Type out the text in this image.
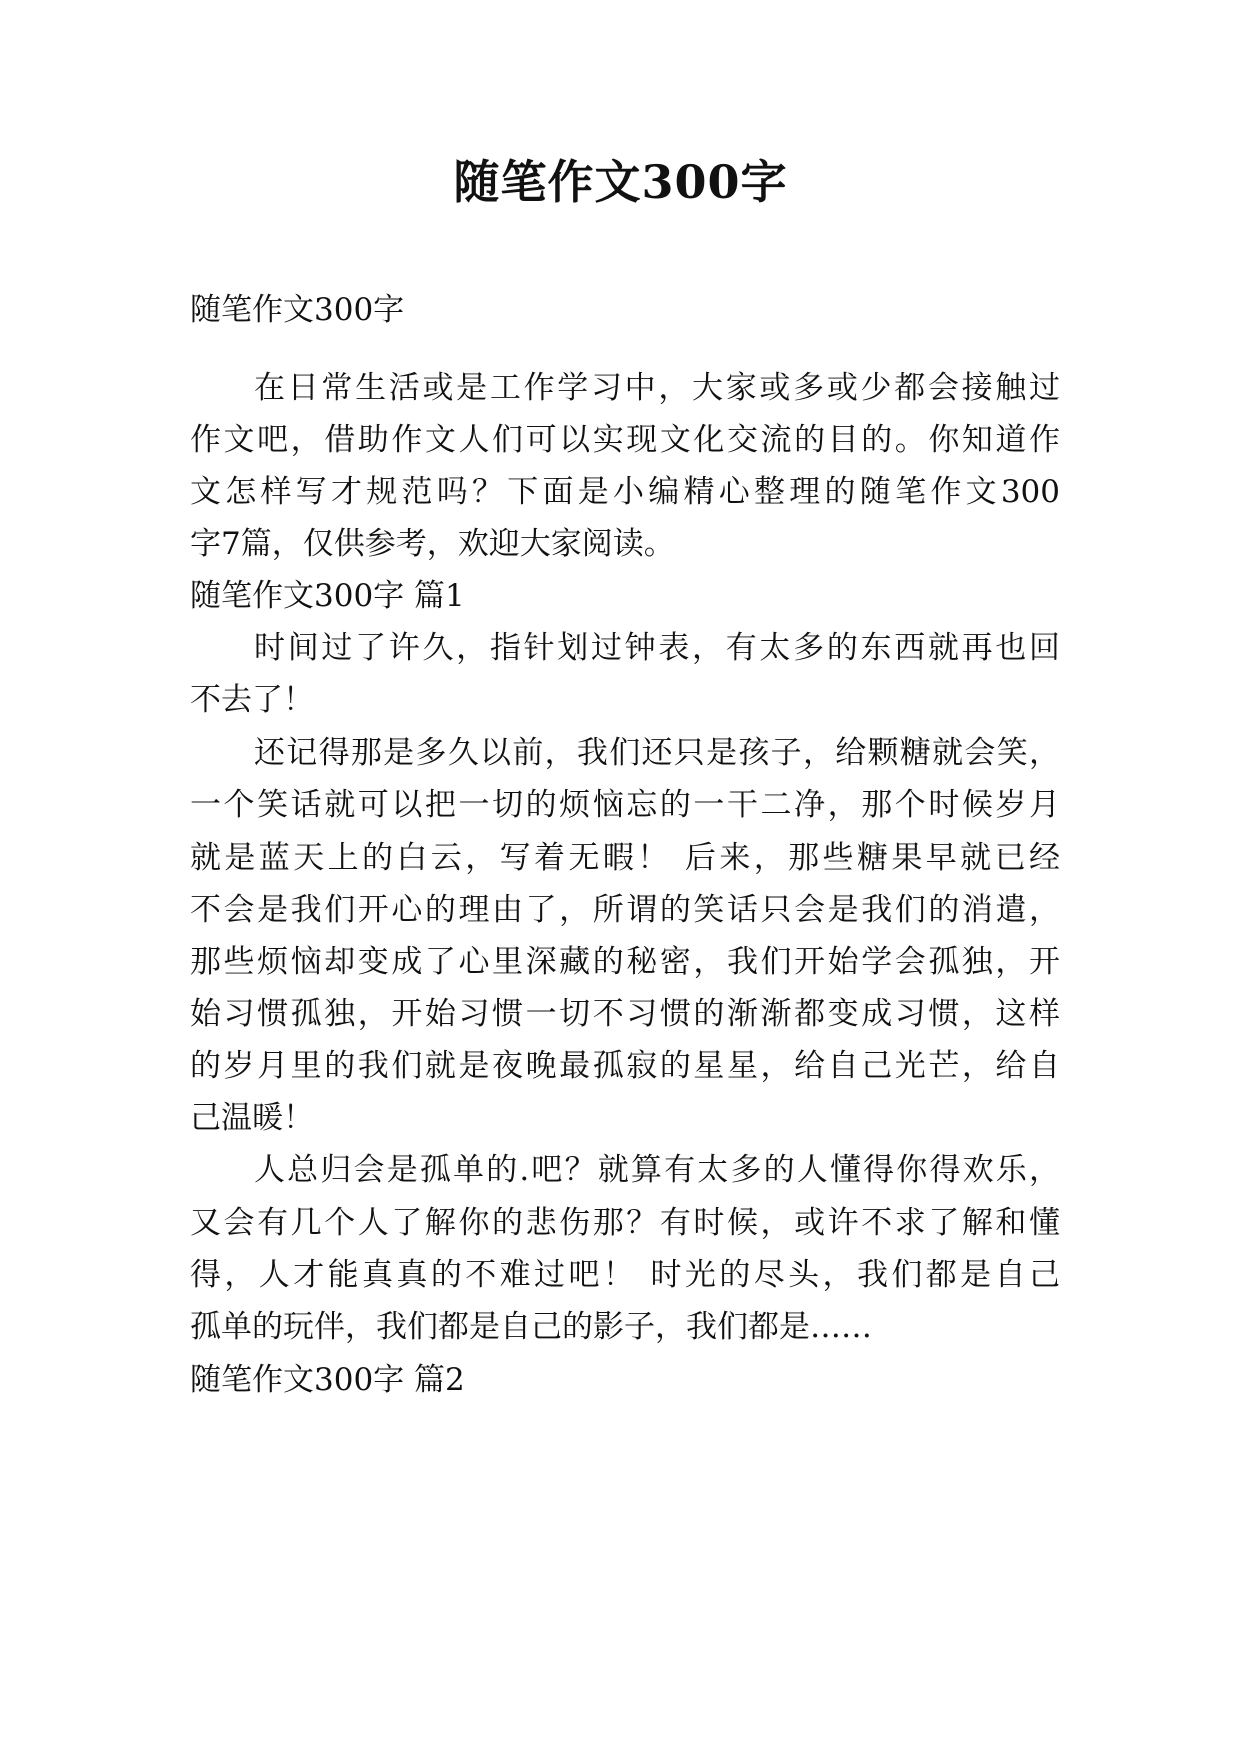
随笔作文300字
随笔作文300字
在日常生活或是工作学习中，大家或多或少都会接触过
作文吧，借助作文人们可以实现文化交流的目的。你知道作
文怎样写才规范吗？下面是小编精心整理的随笔作文300
字7篇，仅供参考，欢迎大家阅读。
随笔作文300字 篇1
时间过了许久，指针划过钟表，有太多的东西就再也回
不去了！
还记得那是多久以前，我们还只是孩子，给颗糖就会笑，
一个笑话就可以把一切的烦恼忘的一干二净，那个时候岁月
就是蓝天上的白云，写着无暇！ 后来，那些糖果早就已经
不会是我们开心的理由了，所谓的笑话只会是我们的消遣，
那些烦恼却变成了心里深藏的秘密，我们开始学会孤独，开
始习惯孤独，开始习惯一切不习惯的渐渐都变成习惯，这样
的岁月里的我们就是夜晚最孤寂的星星，给自己光芒，给自
己温暖！
人总归会是孤单的.吧？就算有太多的人懂得你得欢乐，
又会有几个人了解你的悲伤那？有时候，或许不求了解和懂
得，人才能真真的不难过吧！ 时光的尽头，我们都是自己
孤单的玩伴，我们都是自己的影子，我们都是……
随笔作文300字 篇2
